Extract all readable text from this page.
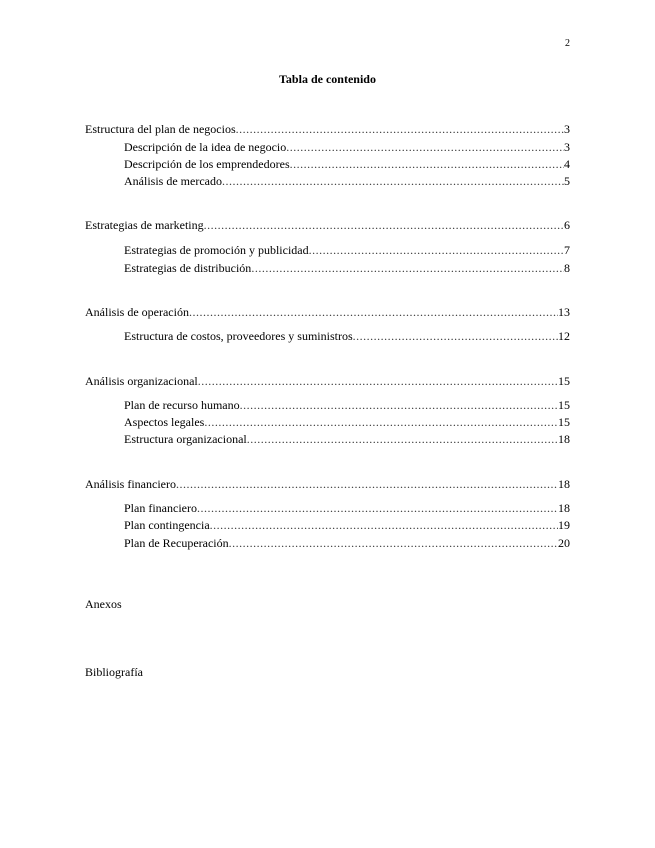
2
Tabla de contenido
Estructura del plan de negocios .....	3
Descripción de la idea de negocio .....	3
Descripción de los emprendedores .....	4
Análisis de mercado .....	5
Estrategias de marketing .....	6
Estrategias de promoción y publicidad .....	7
Estrategias de distribución .....	8
Análisis de operación .....	13
Estructura de costos, proveedores y suministros .....	12
Análisis organizacional .....	15
Plan de recurso humano .....	15
Aspectos legales .....	15
Estructura organizacional .....	18
Análisis financiero .....	18
Plan financiero .....	18
Plan contingencia .....	19
Plan de Recuperación .....	20
Anexos
Bibliografía
